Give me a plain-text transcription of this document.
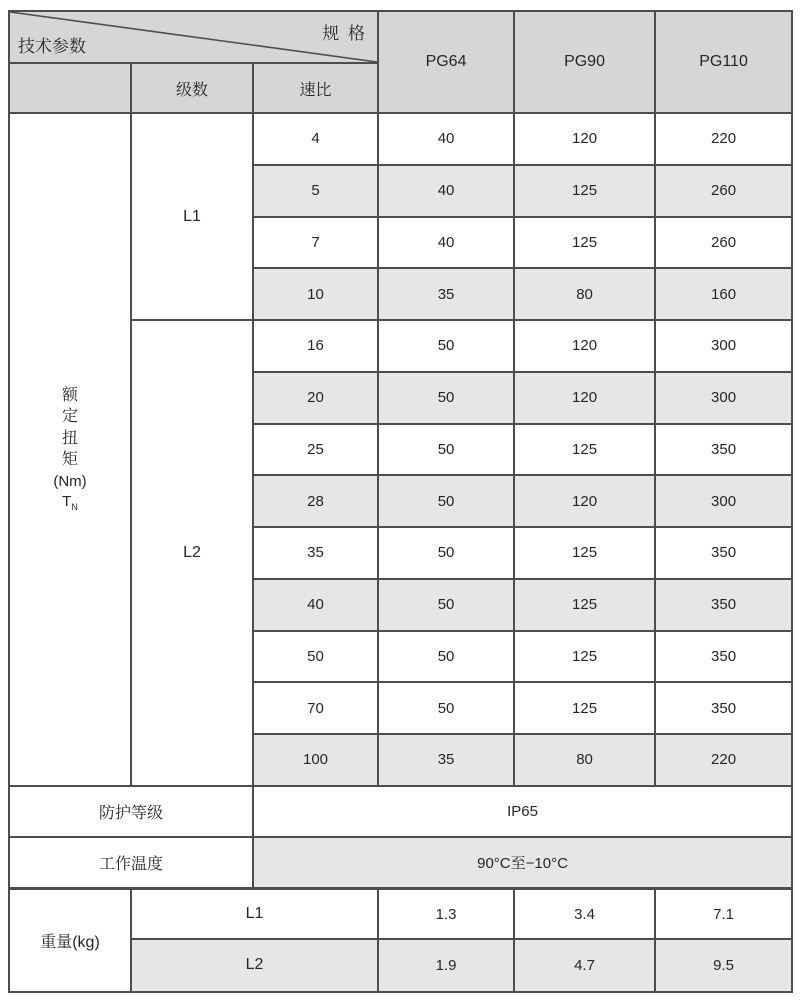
规 格
技术参数			PG64	PG90	PG110
	级数	速比			

额
定
扭
矩
(Nm)
$T_N$
	L1	4	40	120	220
		5	40	125	260
		7	40	125	260
		10	35	80	160
	L2	16	50	120	300
		20	50	120	300
		25	50	125	350
		28	50	120	300
		35	50	125	350
		40	50	125	350
		50	50	125	350
		70	50	125	350
		100	35	80	220
防护等级		IP65			
工作温度		90°C至−10°C			
重量(kg)	L1		1.3	3.4	7.1
	L2		1.9	4.7	9.5
